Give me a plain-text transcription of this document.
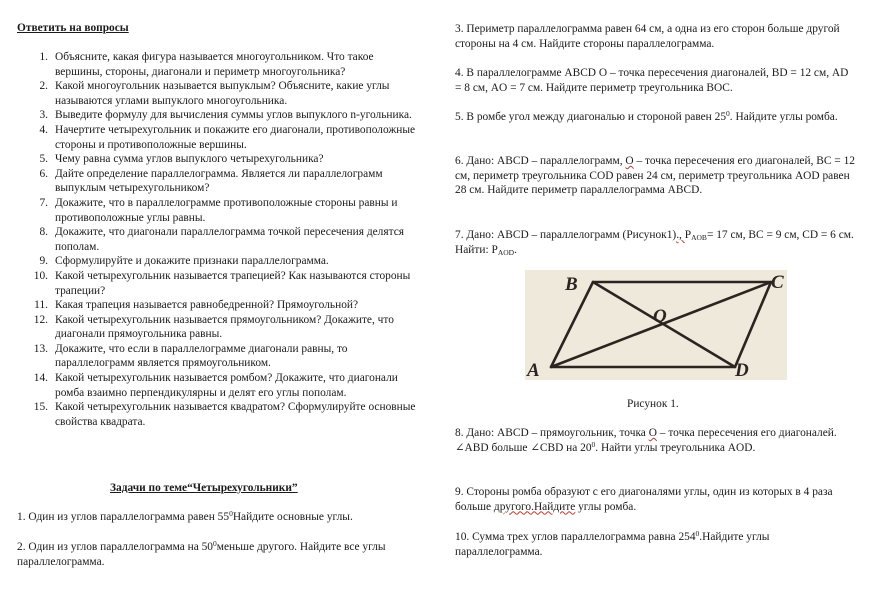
Ответить на вопросы
1. Объясните, какая фигура называется многоугольником. Что такое вершины, стороны, диагонали и периметр многоугольника?
2. Какой многоугольник называется выпуклым? Объясните, какие углы называются углами выпуклого многоугольника.
3. Выведите формулу для вычисления суммы углов выпуклого n-угольника.
4. Начертите четырехугольник и покажите его диагонали, противоположные стороны и противоположные вершины.
5. Чему равна сумма углов выпуклого четырехугольника?
6. Дайте определение параллелограмма. Является ли параллелограмм выпуклым четырехугольником?
7. Докажите, что в параллелограмме противоположные стороны равны и противоположные углы равны.
8. Докажите, что диагонали параллелограмма точкой пересечения делятся пополам.
9. Сформулируйте и докажите признаки параллелограмма.
10. Какой четырехугольник называется трапецией? Как называются стороны трапеции?
11. Какая трапеция называется равнобедренной? Прямоугольной?
12. Какой четырехугольник называется прямоугольником? Докажите, что диагонали прямоугольника равны.
13. Докажите, что если в параллелограмме диагонали равны, то параллелограмм является прямоугольником.
14. Какой четырехугольник называется ромбом? Докажите, что диагонали ромба взаимно перпендикулярны и делят его углы пополам.
15. Какой четырехугольник называется квадратом? Сформулируйте основные свойства квадрата.
Задачи по теме“Четырехугольники”
1. Один из углов параллелограмма равен $55^0Найдите$ основные углы.
2. Один из углов параллелограмма на $50^0меньше$ другого. Найдите все углы параллелограмма.
3. Периметр параллелограмма равен 64 см, а одна из его сторон больше другой стороны на 4 см. Найдите стороны параллелограмма.
4. В параллелограмме ABCD O – точка пересечения диагоналей, BD = 12 см, AD = 8 см, AO = 7 см. Найдите периметр треугольника BOC.
5. В ромбе угол между диагональю и стороной равен $25^0$. Найдите углы ромба.
6. Дано: ABCD – параллелограмм, O – точка пересечения его диагоналей, BC = 12 см, периметр треугольника COD равен 24 см, периметр треугольника AOD равен 28 см. Найдите периметр параллелограмма ABCD.
7. Дано: ABCD – параллелограмм (Рисунок1)., $P_{AOB}= 17$ см, BC = 9 см, CD = 6 см. Найти: $P_{AOD}$.
B	C
A	D
O
Рисунок 1.
8. Дано: ABCD – прямоугольник, точка O – точка пересечения его диагоналей. ∠ABD больше ∠CBD на $20^0$. Найти углы треугольника AOD.
9. Стороны ромба образуют с его диагоналями углы, один из которых в 4 раза больше другого.Найдите углы ромба.
10. Сумма трех углов параллелограмма равна $254^0.Найдите$ углы параллелограмма.
